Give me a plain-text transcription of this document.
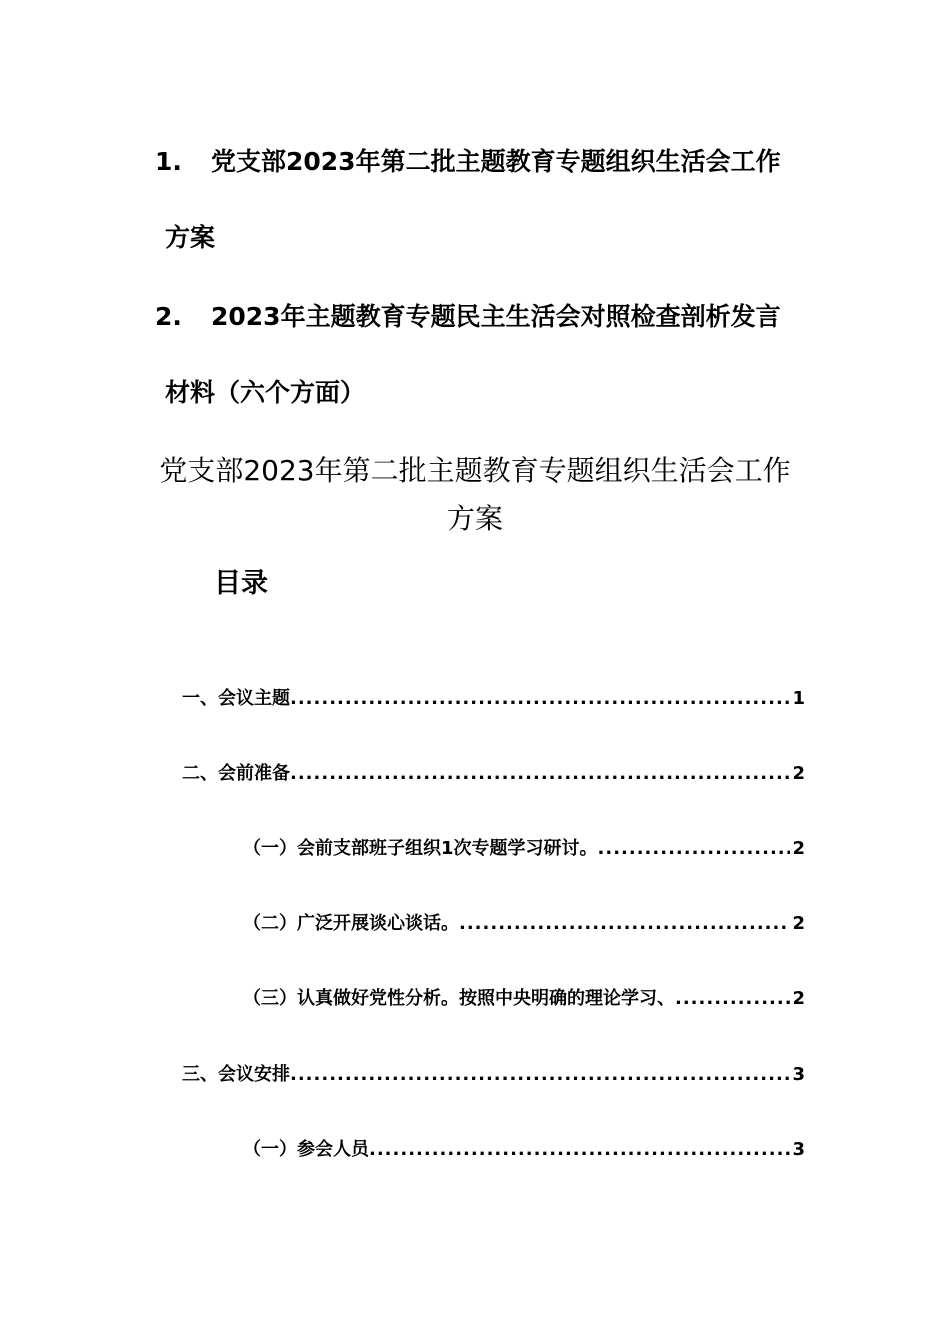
1. 党支部2023年第二批主题教育专题组织生活会工作
方案
2. 2023年主题教育专题民主生活会对照检查剖析发言
材料（六个方面）
党支部2023年第二批主题教育专题组织生活会工作
方案
目录
一、会议主题 .....	1
二、会前准备 .....	2
（一）会前支部班子组织1次专题学习研讨。 .....	2
（二）广泛开展谈心谈话。 .....	2
（三）认真做好党性分析。按照中央明确的理论学习、 .....	2
三、会议安排 .....	3
（一）参会人员 .....	3
